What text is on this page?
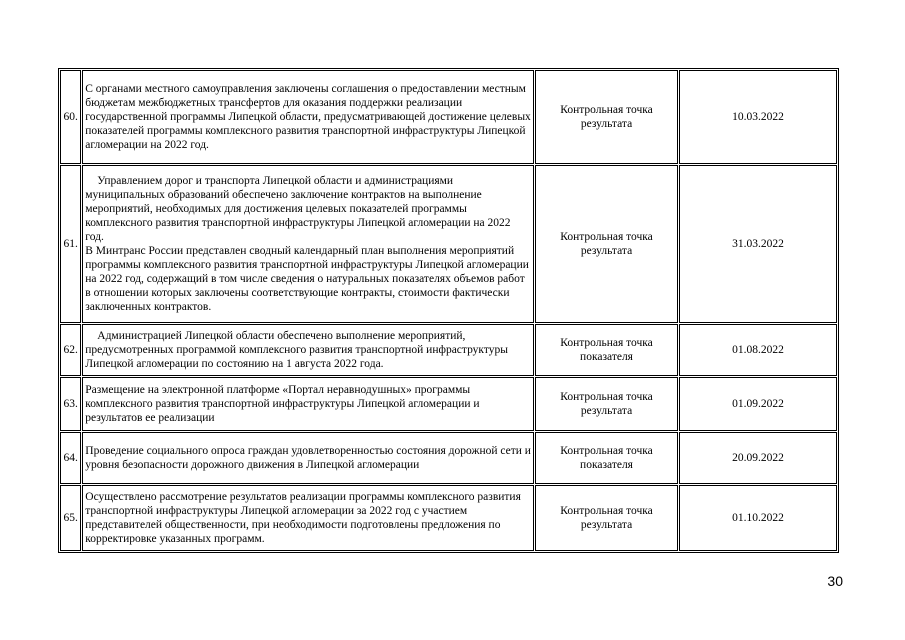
60.	С органами местного самоуправления заключены соглашения о предоставлении местным бюджетам межбюджетных трансфертов для оказания поддержки реализации государственной программы Липецкой области, предусматривающей достижение целевых показателей программы комплексного развития транспортной инфраструктуры Липецкой агломерации на 2022 год.	Контрольная точка результата	10.03.2022
61.	Управлением дорог и транспорта Липецкой области и администрациями муниципальных образований обеспечено заключение контрактов на выполнение мероприятий, необходимых для достижения целевых показателей программы комплексного развития транспортной инфраструктуры Липецкой агломерации на 2022 год.
В Минтранс России представлен сводный календарный план выполнения мероприятий программы комплексного развития транспортной инфраструктуры Липецкой агломерации на 2022 год, содержащий в том числе сведения о натуральных показателях объемов работ в отношении которых заключены соответствующие контракты, стоимости фактически заключенных контрактов.	Контрольная точка результата	31.03.2022
62.	Администрацией Липецкой области обеспечено выполнение мероприятий, предусмотренных программой комплексного развития транспортной инфраструктуры Липецкой агломерации по состоянию на 1 августа 2022 года.	Контрольная точка показателя	01.08.2022
63.	Размещение на электронной платформе «Портал неравнодушных» программы комплексного развития транспортной инфраструктуры Липецкой агломерации и результатов ее реализации	Контрольная точка результата	01.09.2022
64.	Проведение социального опроса граждан удовлетворенностью состояния дорожной сети и уровня безопасности дорожного движения в Липецкой агломерации	Контрольная точка показателя	20.09.2022
65.	Осуществлено рассмотрение результатов реализации программы комплексного развития транспортной инфраструктуры Липецкой агломерации за 2022 год с участием представителей общественности, при необходимости подготовлены предложения по корректировке указанных программ.	Контрольная точка результата	01.10.2022
30
